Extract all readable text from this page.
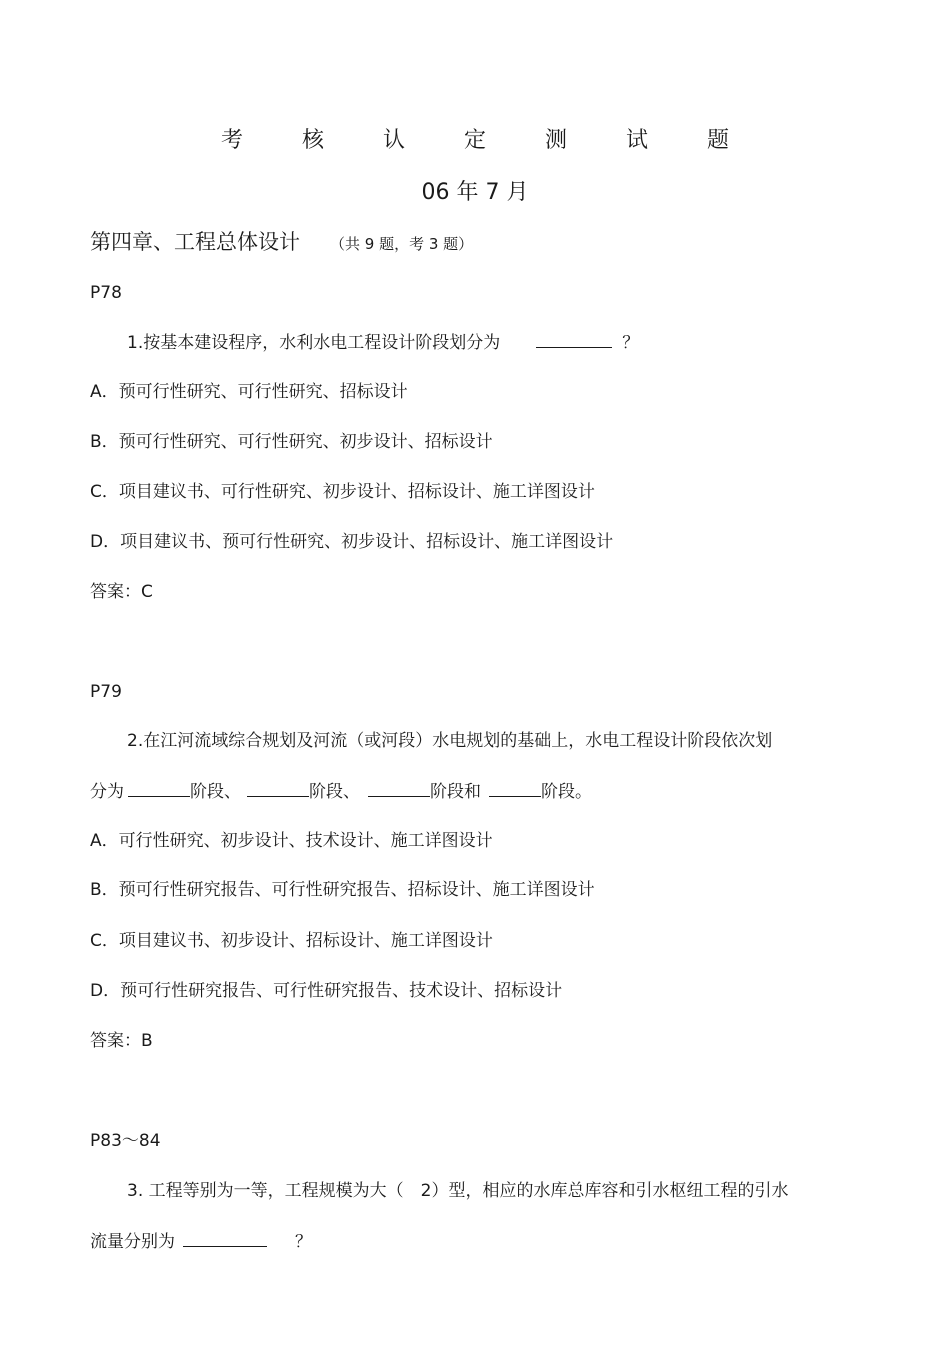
考 核 认 定 测 试 题
06 年 7 月
第四章、工程总体设计 （共 9 题，考 3 题）
P78
1.按基本建设程序，水利水电工程设计阶段划分为	？
A．预可行性研究、可行性研究、招标设计
B．预可行性研究、可行性研究、初步设计、招标设计
C．项目建议书、可行性研究、初步设计、招标设计、施工详图设计
D．项目建议书、预可行性研究、初步设计、招标设计、施工详图设计
答案：C
P79
2.在江河流域综合规划及河流（或河段）水电规划的基础上，水电工程设计阶段依次划
分为	阶段、	阶段、	阶段和	阶段。
A．可行性研究、初步设计、技术设计、施工详图设计
B．预可行性研究报告、可行性研究报告、招标设计、施工详图设计
C．项目建议书、初步设计、招标设计、施工详图设计
D．预可行性研究报告、可行性研究报告、技术设计、招标设计
答案：B
P83～84
3. 工程等别为一等，工程规模为大（　2）型，相应的水库总库容和引水枢纽工程的引水
流量分别为	？
